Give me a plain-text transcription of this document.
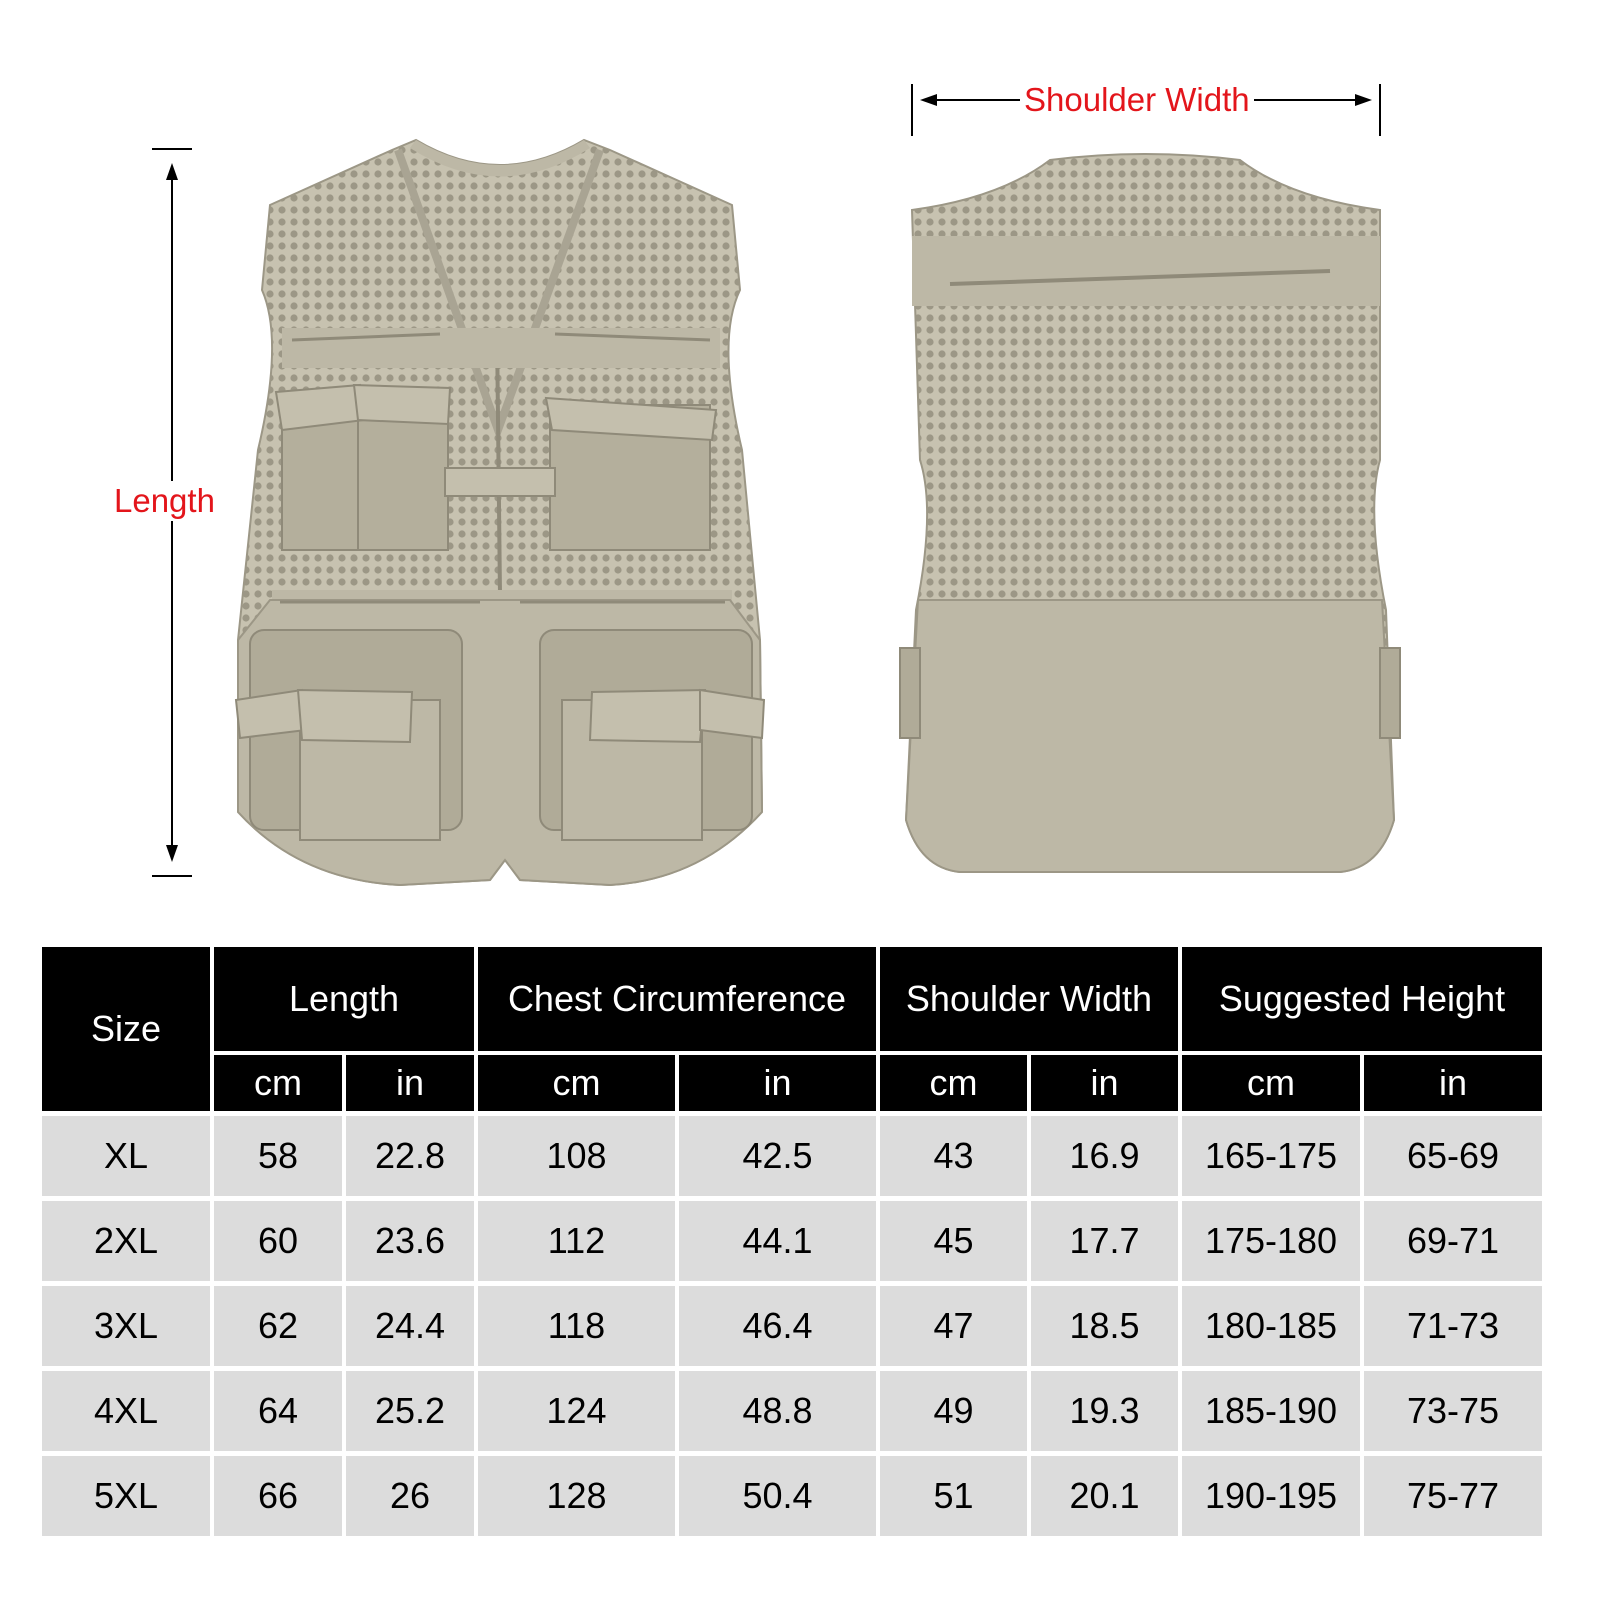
Length
Shoulder Width
Size	Length		Chest Circumference		Shoulder Width		Suggested Height	
	cm	in	cm	in	cm	in	cm	in
XL	58	22.8	108	42.5	43	16.9	165-175	65-69
2XL	60	23.6	112	44.1	45	17.7	175-180	69-71
3XL	62	24.4	118	46.4	47	18.5	180-185	71-73
4XL	64	25.2	124	48.8	49	19.3	185-190	73-75
5XL	66	26	128	50.4	51	20.1	190-195	75-77
